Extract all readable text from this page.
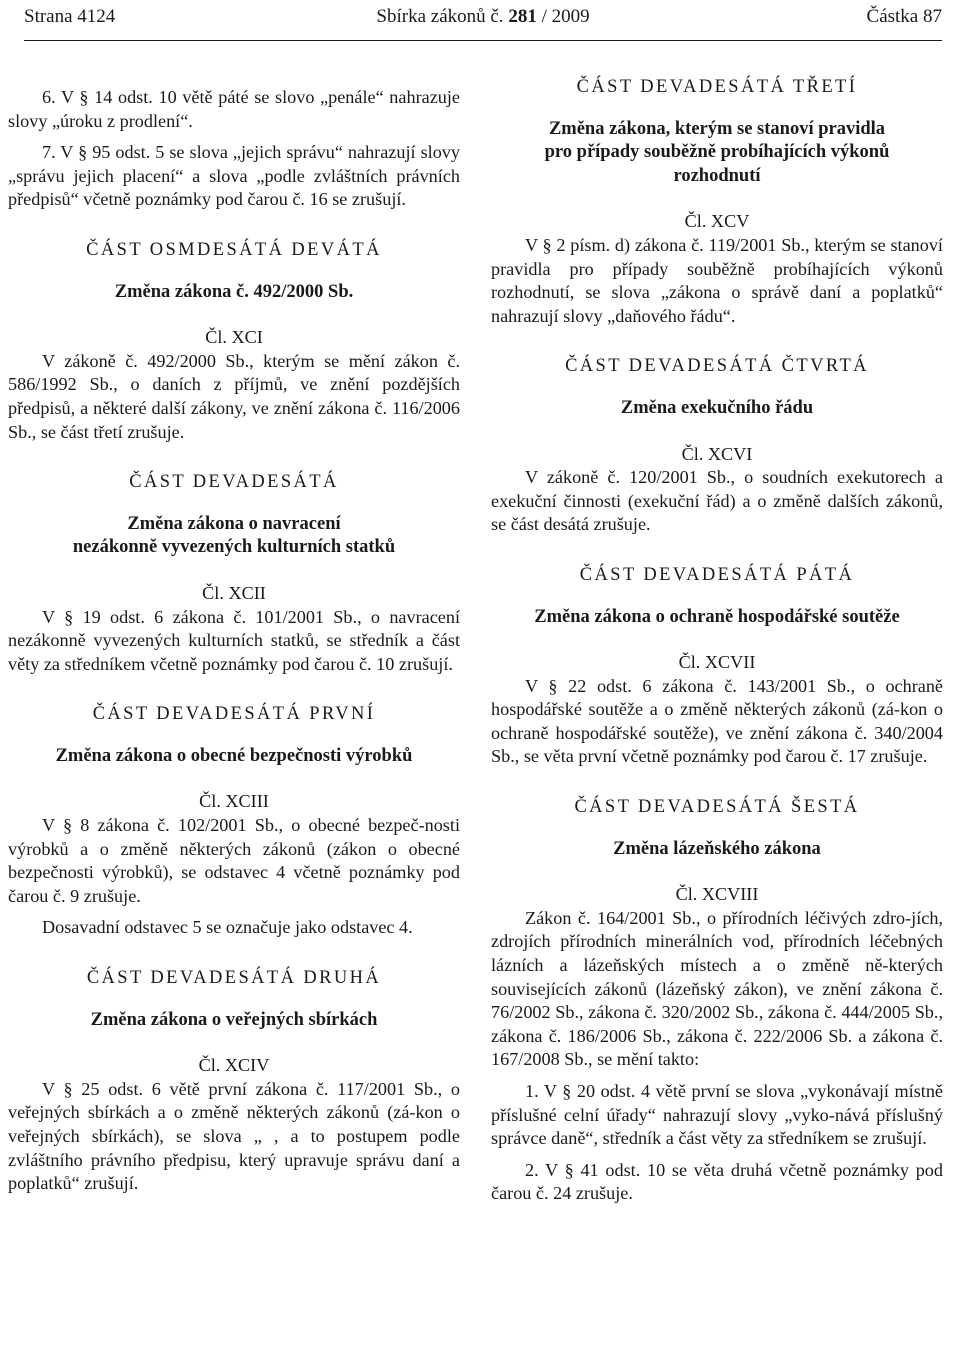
Strana 4124	Sbírka zákonů č. 281 / 2009	Částka 87

6. V § 14 odst. 10 větě páté se slovo „penále“ nahrazuje slovy „úroku z prodlení“.

7. V § 95 odst. 5 se slova „jejich správu“ nahrazují slovy „správu jejich placení“ a slova „podle zvláštních právních předpisů“ včetně poznámky pod čarou č. 16 se zrušují.

ČÁST OSMDESÁTÁ DEVÁTÁ
Změna zákona č. 492/2000 Sb.
Čl. XCI

V zákoně č. 492/2000 Sb., kterým se mění zákon č. 586/1992 Sb., o daních z příjmů, ve znění pozdějších předpisů, a některé další zákony, ve znění zákona č. 116/2006 Sb., se část třetí zrušuje.

ČÁST DEVADESÁTÁ
Změna zákona o navracení
nezákonně vyvezených kulturních statků
Čl. XCII

V § 19 odst. 6 zákona č. 101/2001 Sb., o navracení nezákonně vyvezených kulturních statků, se středník a část věty za středníkem včetně poznámky pod čarou č. 10 zrušují.

ČÁST DEVADESÁTÁ PRVNÍ
Změna zákona o obecné bezpečnosti výrobků
Čl. XCIII

V § 8 zákona č. 102/2001 Sb., o obecné bezpeč-nosti výrobků a o změně některých zákonů (zákon o obecné bezpečnosti výrobků), se odstavec 4 včetně poznámky pod čarou č. 9 zrušuje.

Dosavadní odstavec 5 se označuje jako odstavec 4.

ČÁST DEVADESÁTÁ DRUHÁ
Změna zákona o veřejných sbírkách
Čl. XCIV

V § 25 odst. 6 větě první zákona č. 117/2001 Sb., o veřejných sbírkách a o změně některých zákonů (zá-kon o veřejných sbírkách), se slova „ , a to postupem podle zvláštního právního předpisu, který upravuje správu daní a poplatků“ zrušují.

ČÁST DEVADESÁTÁ TŘETÍ
Změna zákona, kterým se stanoví pravidla
pro případy souběžně probíhajících výkonů
rozhodnutí
Čl. XCV

V § 2 písm. d) zákona č. 119/2001 Sb., kterým se stanoví pravidla pro případy souběžně probíhajících výkonů rozhodnutí, se slova „zákona o správě daní a poplatků“ nahrazují slovy „daňového řádu“.

ČÁST DEVADESÁTÁ ČTVRTÁ
Změna exekučního řádu
Čl. XCVI

V zákoně č. 120/2001 Sb., o soudních exekutorech a exekuční činnosti (exekuční řád) a o změně dalších zákonů, se část desátá zrušuje.

ČÁST DEVADESÁTÁ PÁTÁ
Změna zákona o ochraně hospodářské soutěže
Čl. XCVII

V § 22 odst. 6 zákona č. 143/2001 Sb., o ochraně hospodářské soutěže a o změně některých zákonů (zá-kon o ochraně hospodářské soutěže), ve znění zákona č. 340/2004 Sb., se věta první včetně poznámky pod čarou č. 17 zrušuje.

ČÁST DEVADESÁTÁ ŠESTÁ
Změna lázeňského zákona
Čl. XCVIII

Zákon č. 164/2001 Sb., o přírodních léčivých zdro-jích, zdrojích přírodních minerálních vod, přírodních léčebných lázních a lázeňských místech a o změně ně-kterých souvisejících zákonů (lázeňský zákon), ve znění zákona č. 76/2002 Sb., zákona č. 320/2002 Sb., zákona č. 444/2005 Sb., zákona č. 186/2006 Sb., zákona č. 222/2006 Sb. a zákona č. 167/2008 Sb., se mění takto:

1. V § 20 odst. 4 větě první se slova „vykonávají místně příslušné celní úřady“ nahrazují slovy „vyko-nává příslušný správce daně“, středník a část věty za středníkem se zrušují.

2. V § 41 odst. 10 se věta druhá včetně poznámky pod čarou č. 24 zrušuje.
